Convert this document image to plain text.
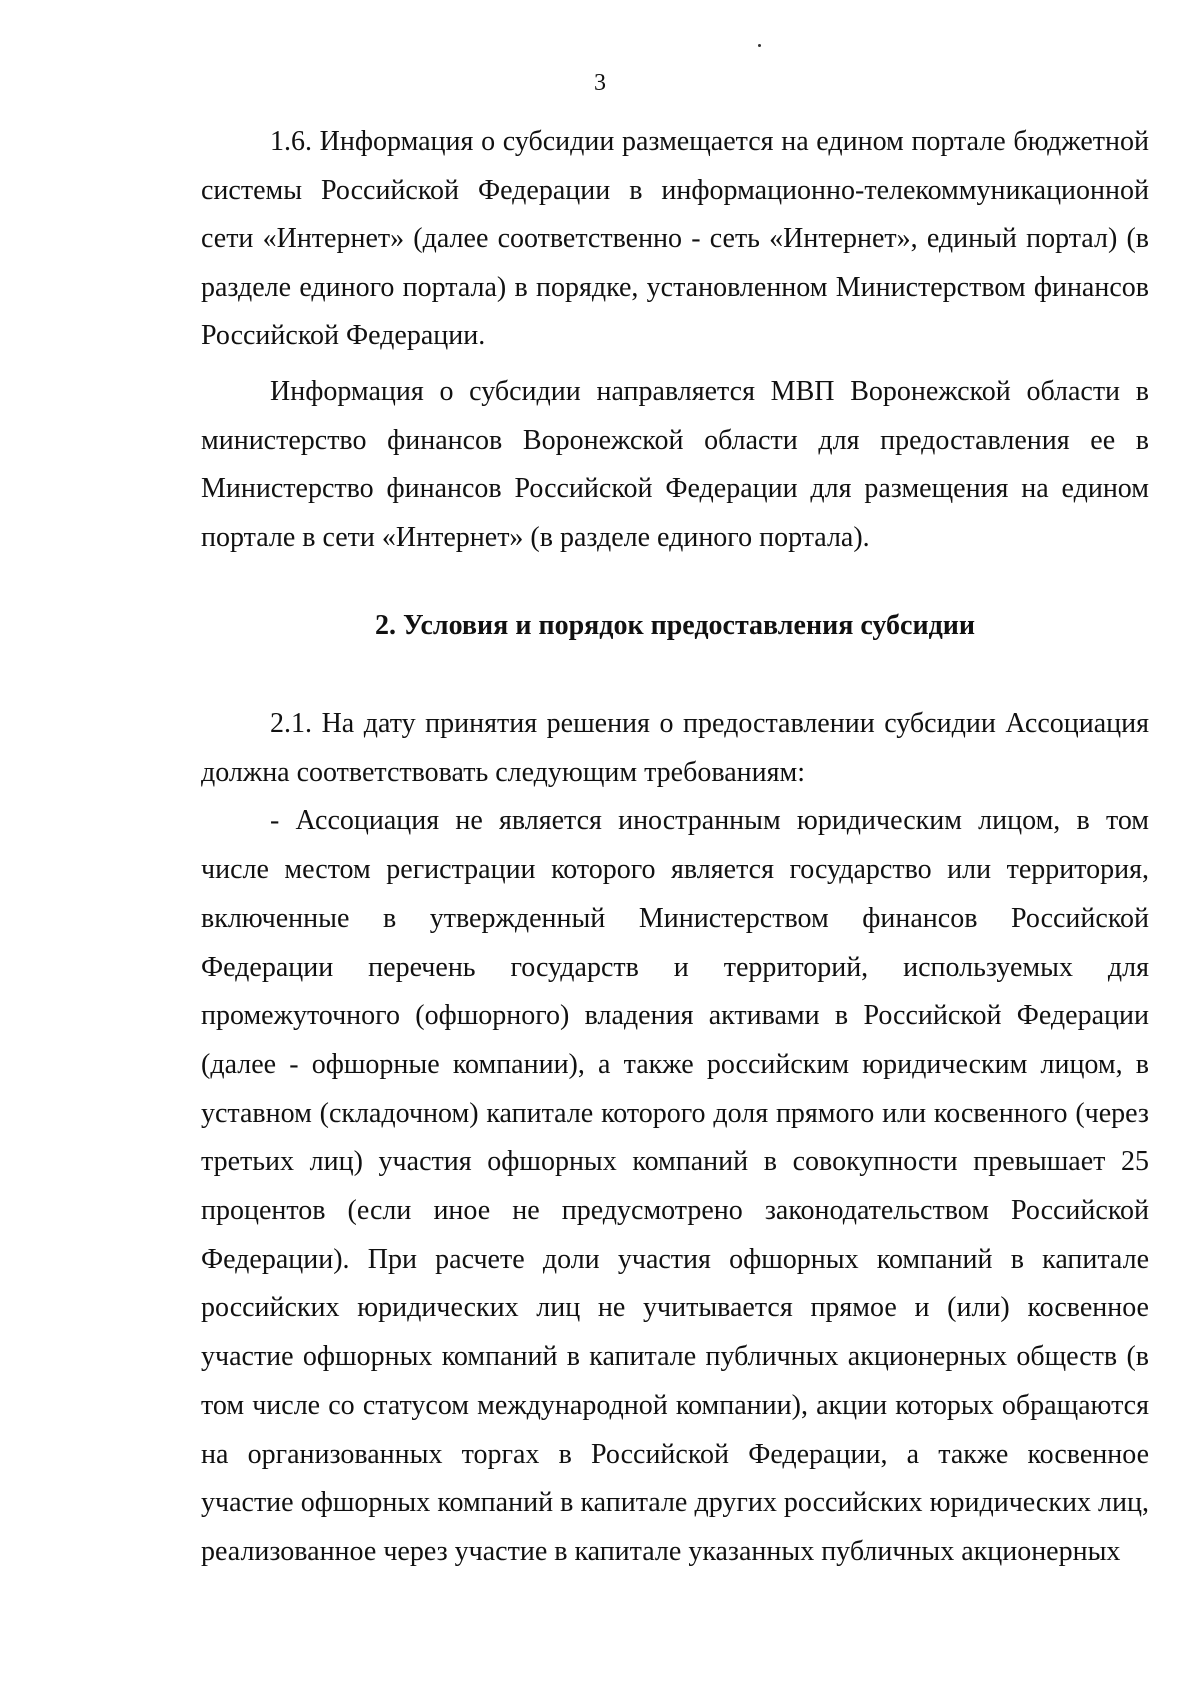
3

1.6. Информация о субсидии размещается на едином портале бюджетной системы Российской Федерации в информационно-телекоммуникационной сети «Интернет» (далее соответственно - сеть «Интернет», единый портал) (в разделе единого портала) в порядке, установленном Министерством финансов Российской Федерации.

Информация о субсидии направляется МВП Воронежской области в министерство финансов Воронежской области для предоставления ее в Министерство финансов Российской Федерации для размещения на едином портале в сети «Интернет» (в разделе единого портала).

2. Условия и порядок предоставления субсидии

2.1. На дату принятия решения о предоставлении субсидии Ассоциация должна соответствовать следующим требованиям:

- Ассоциация не является иностранным юридическим лицом, в том числе местом регистрации которого является государство или территория, включенные в утвержденный Министерством финансов Российской Федерации перечень государств и территорий, используемых для промежуточного (офшорного) владения активами в Российской Федерации (далее - офшорные компании), а также российским юридическим лицом, в уставном (складочном) капитале которого доля прямого или косвенного (через третьих лиц) участия офшорных компаний в совокупности превышает 25 процентов (если иное не предусмотрено законодательством Российской Федерации). При расчете доли участия офшорных компаний в капитале российских юридических лиц не учитывается прямое и (или) косвенное участие офшорных компаний в капитале публичных акционерных обществ (в том числе со статусом международной компании), акции которых обращаются на организованных торгах в Российской Федерации, а также косвенное участие офшорных компаний в капитале других российских юридических лиц, реализованное через участие в капитале указанных публичных акционерных
